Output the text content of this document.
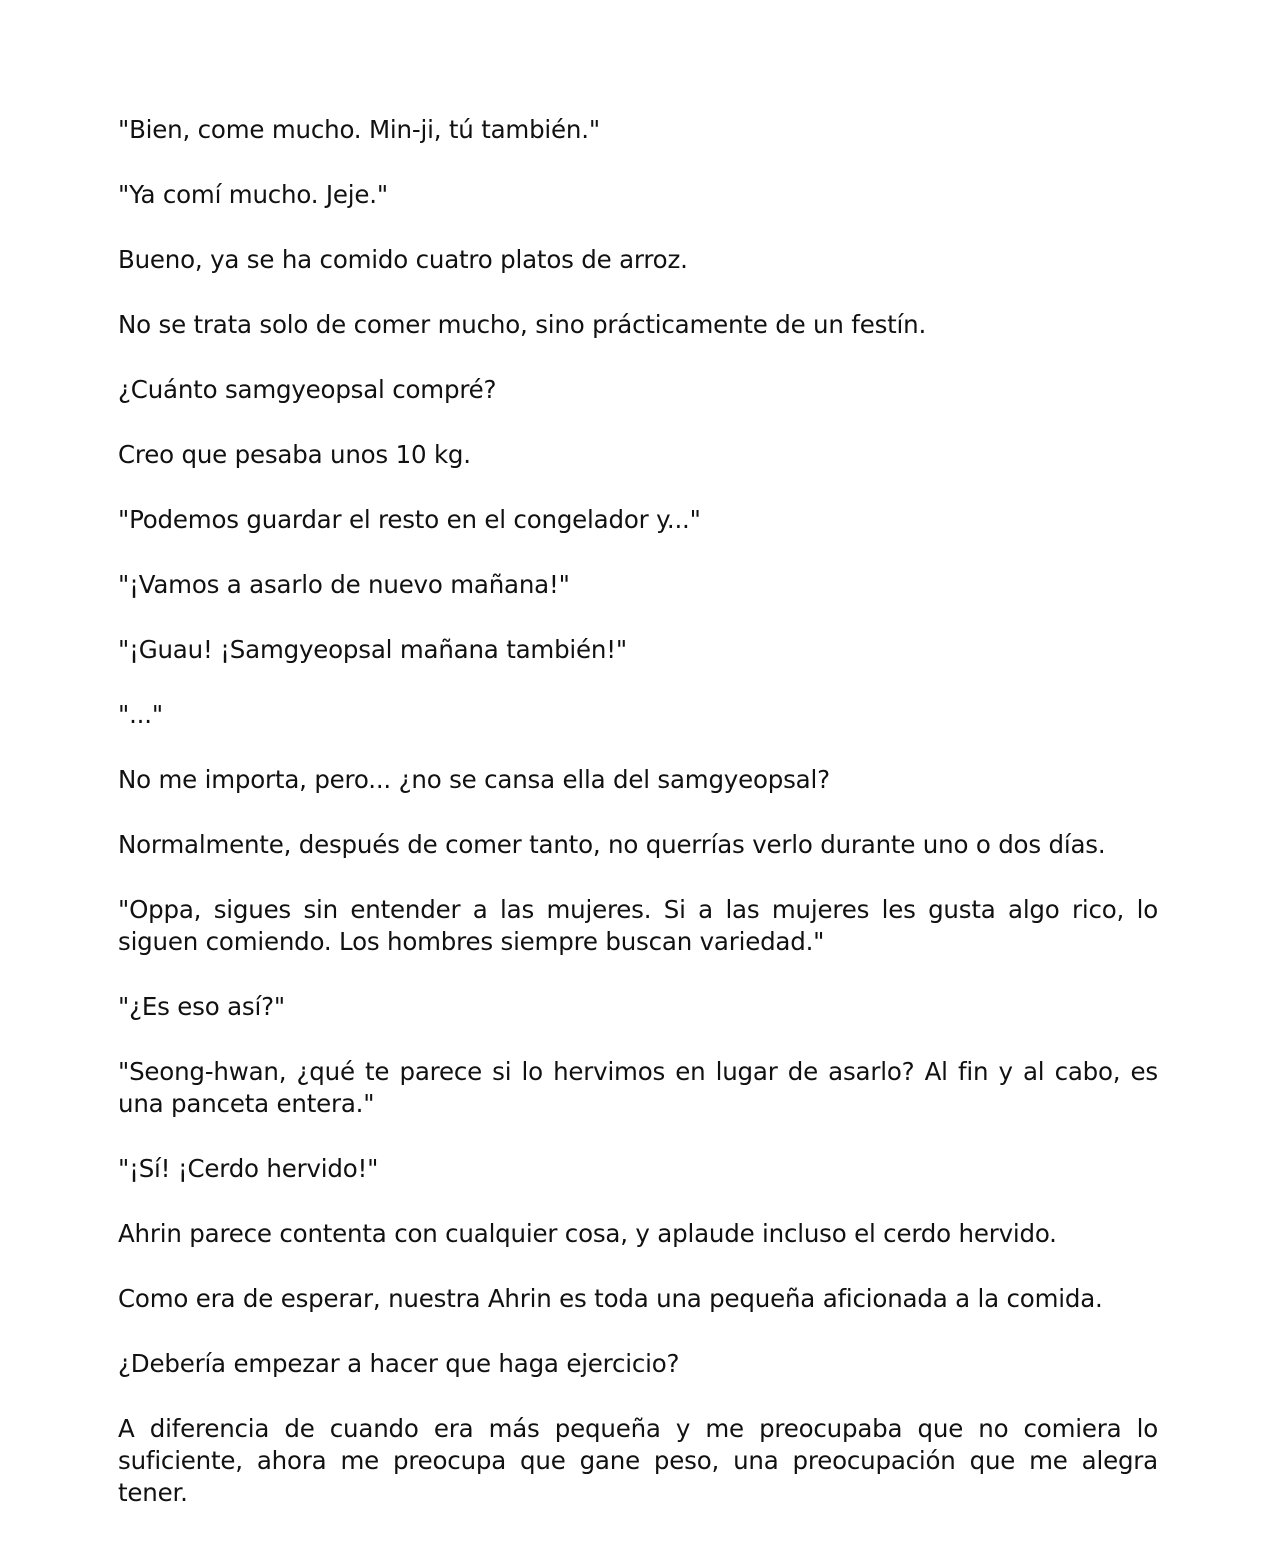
"Bien, come mucho. Min-ji, tú también."

"Ya comí mucho. Jeje."

Bueno, ya se ha comido cuatro platos de arroz.

No se trata solo de comer mucho, sino prácticamente de un festín.

¿Cuánto samgyeopsal compré?

Creo que pesaba unos 10 kg.

"Podemos guardar el resto en el congelador y..."

"¡Vamos a asarlo de nuevo mañana!"

"¡Guau! ¡Samgyeopsal mañana también!"

"..."

No me importa, pero... ¿no se cansa ella del samgyeopsal?

Normalmente, después de comer tanto, no querrías verlo durante uno o dos días.

"Oppa, sigues sin entender a las mujeres. Si a las mujeres les gusta algo rico, lo siguen comiendo. Los hombres siempre buscan variedad."

"¿Es eso así?"

"Seong-hwan, ¿qué te parece si lo hervimos en lugar de asarlo? Al fin y al cabo, es una panceta entera."

"¡Sí! ¡Cerdo hervido!"

Ahrin parece contenta con cualquier cosa, y aplaude incluso el cerdo hervido.

Como era de esperar, nuestra Ahrin es toda una pequeña aficionada a la comida.

¿Debería empezar a hacer que haga ejercicio?

A diferencia de cuando era más pequeña y me preocupaba que no comiera lo suficiente, ahora me preocupa que gane peso, una preocupación que me alegra tener.
